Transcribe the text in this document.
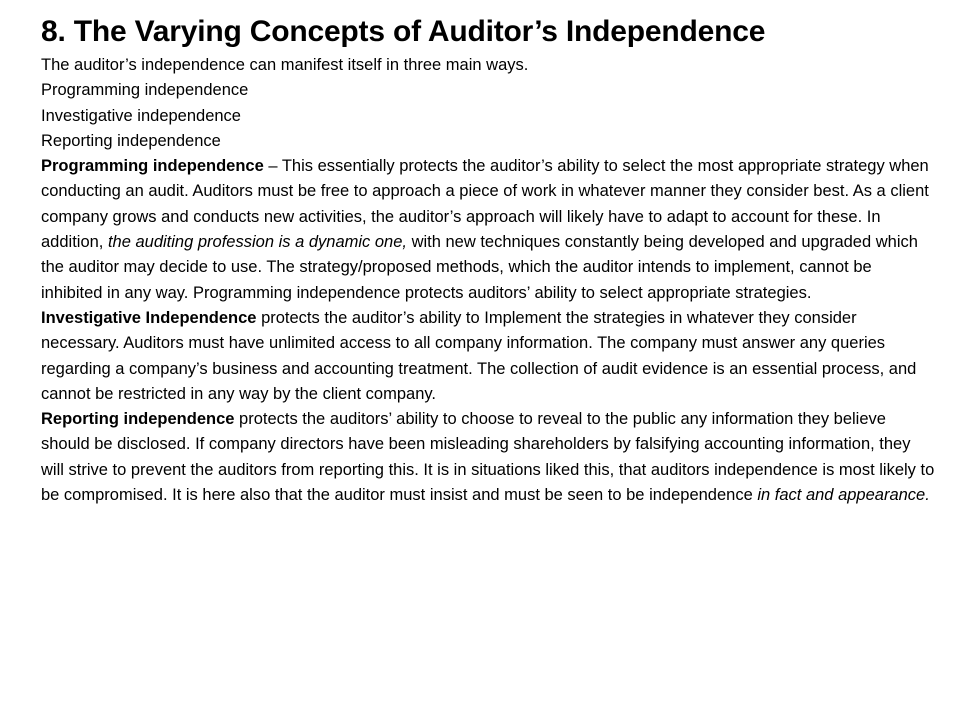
8. The Varying Concepts of Auditor’s Independence
The auditor’s independence can manifest itself in three main ways.
Programming independence
Investigative independence
Reporting independence

Programming independence – This essentially protects the auditor’s ability to select the most appropriate strategy when conducting an audit. Auditors must be free to approach a piece of work in whatever manner they consider best. As a client company grows and conducts new activities, the auditor’s approach will likely have to adapt to account for these. In addition, the auditing profession is a dynamic one, with new techniques constantly being developed and upgraded which the auditor may decide to use. The strategy/proposed methods, which the auditor intends to implement, cannot be inhibited in any way. Programming independence protects auditors’ ability to select appropriate strategies.

Investigative Independence protects the auditor’s ability to Implement the strategies in whatever they consider necessary. Auditors must have unlimited access to all company information. The company must answer any queries regarding a company’s business and accounting treatment. The collection of audit evidence is an essential process, and cannot be restricted in any way by the client company.

Reporting independence protects the auditors’ ability to choose to reveal to the public any information they believe should be disclosed. If company directors have been misleading shareholders by falsifying accounting information, they will strive to prevent the auditors from reporting this. It is in situations liked this, that auditors independence is most likely to be compromised. It is here also that the auditor must insist and must be seen to be independence in fact and appearance.
